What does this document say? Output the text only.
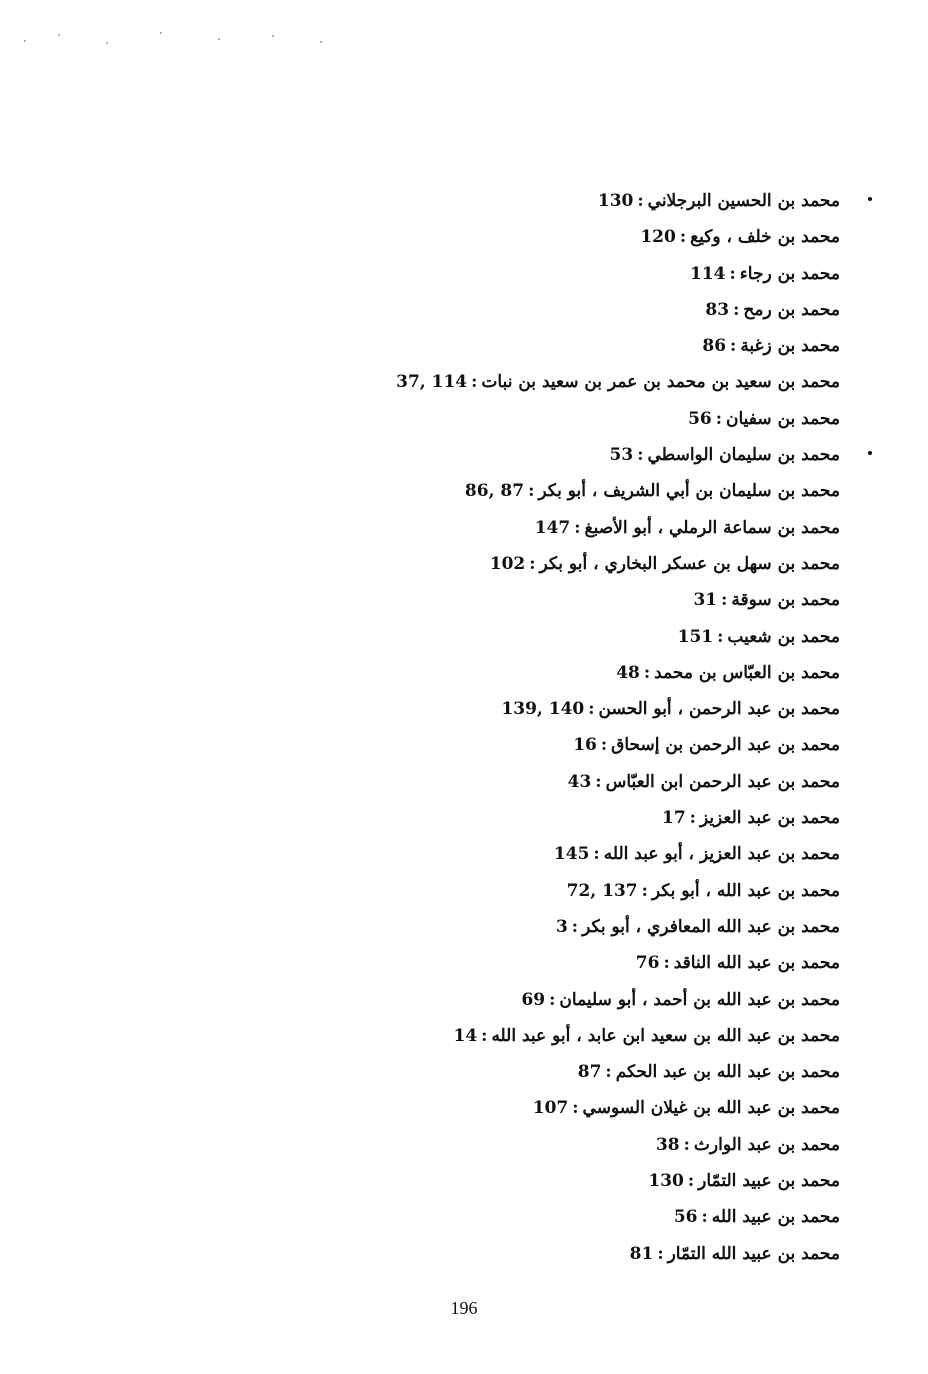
محمد بن الحسين البرجلاني:130
محمد بن خلف ، وكيع:120
محمد بن رجاء:114
محمد بن رمح:83
محمد بن زغبة:86
محمد بن سعيد بن محمد بن عمر بن سعيد بن نبات:37, 114
محمد بن سفيان:56
محمد بن سليمان الواسطي:53
محمد بن سليمان بن أبي الشريف ، أبو بكر:86, 87
محمد بن سماعة الرملي ، أبو الأصبغ:147
محمد بن سهل بن عسكر البخاري ، أبو بكر:102
محمد بن سوقة:31
محمد بن شعيب:151
محمد بن العبّاس بن محمد:48
محمد بن عبد الرحمن ، أبو الحسن:139, 140
محمد بن عبد الرحمن بن إسحاق:16
محمد بن عبد الرحمن ابن العبّاس:43
محمد بن عبد العزيز:17
محمد بن عبد العزيز ، أبو عبد الله:145
محمد بن عبد الله ، أبو بكر:72, 137
محمد بن عبد الله المعافري ، أبو بكر:3
محمد بن عبد الله الناقد:76
محمد بن عبد الله بن أحمد ، أبو سليمان:69
محمد بن عبد الله بن سعيد ابن عابد ، أبو عبد الله:14
محمد بن عبد الله بن عبد الحكم:87
محمد بن عبد الله بن غيلان السوسي:107
محمد بن عبد الوارث:38
محمد بن عبيد التمّار:130
محمد بن عبيد الله:56
محمد بن عبيد الله التمّار:81
196
